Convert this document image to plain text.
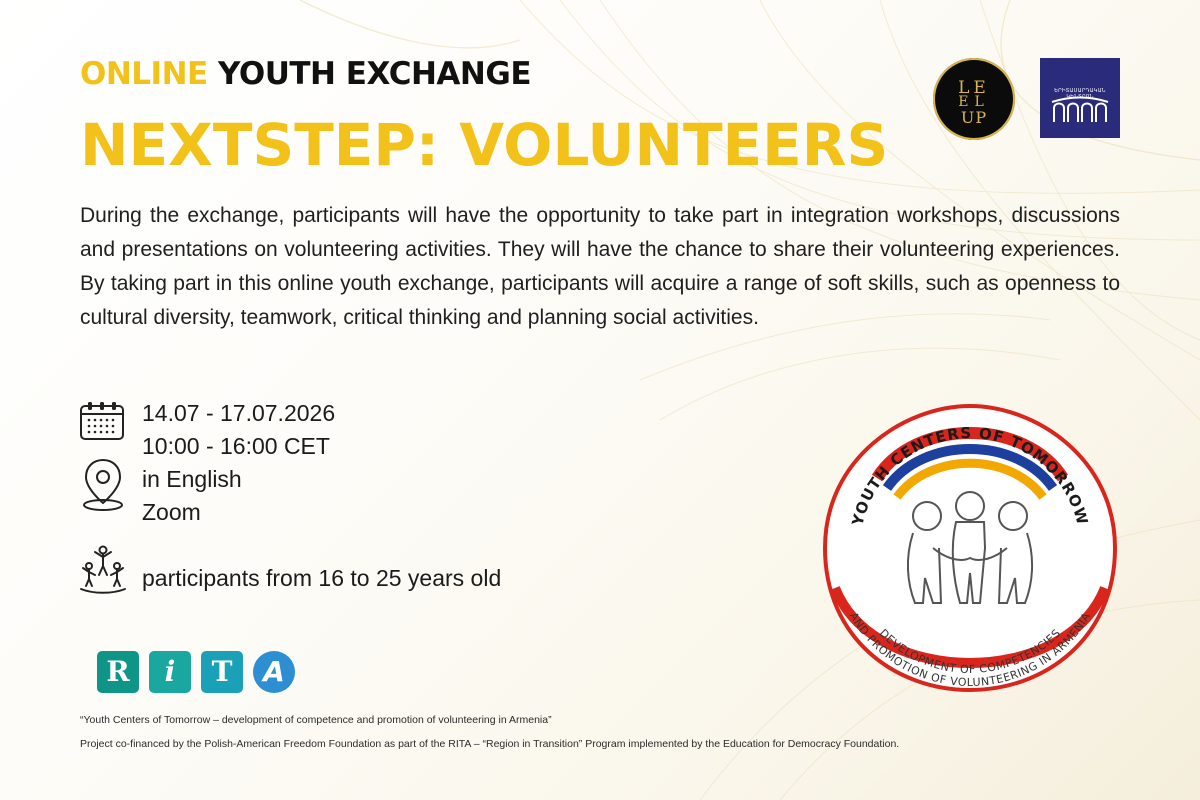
ONLINE YOUTH EXCHANGE
NEXTSTEP: VOLUNTEERS

During the exchange, participants will have the opportunity to take part in integration workshops, discussions and presentations on volunteering activities. They will have the chance to share their volunteering experiences. By taking part in this online youth exchange, participants will acquire a range of soft skills, such as openness to cultural diversity, teamwork, critical thinking and planning social activities.

14.07 - 17.07.2026
10:00 - 16:00 CET
in English
Zoom
participants from 16 to 25 years old
R	i	T	A
“Youth Centers of Tomorrow – development of competence and promotion of volunteering in Armenia”
Project co-financed by the Polish-American Freedom Foundation as part of the RITA – “Region in Transition” Program implemented by the Education for Democracy Foundation.
LE
EL
UP
ԵՐԻՏԱՍԱՐԴԱԿԱՆ ԿԵՆՏՐՈՆ
YOUTH CENTERS OF TOMORROW
DEVELOPMENT OF COMPETENCIES
AND PROMOTION OF VOLUNTEERING IN ARMENIA
